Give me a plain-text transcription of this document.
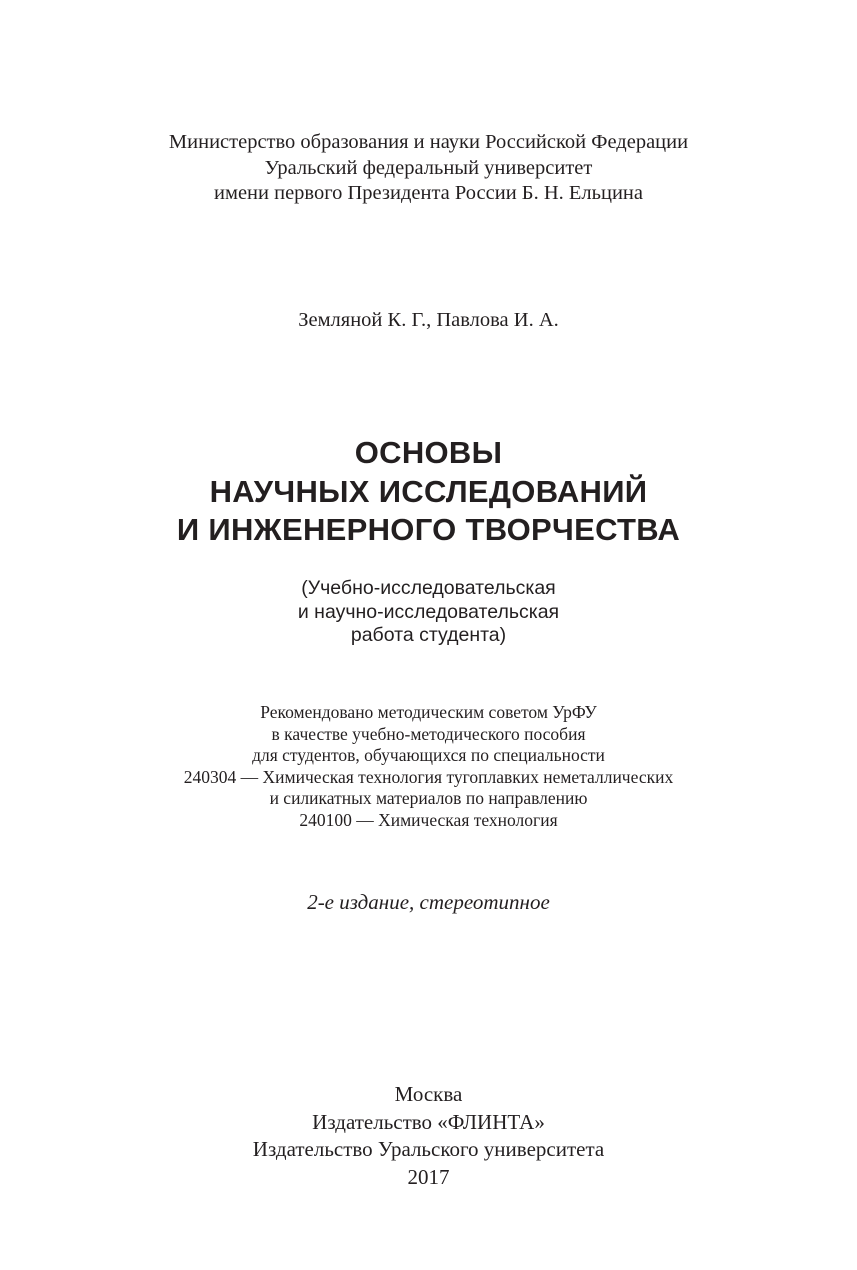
Министерство образования и науки Российской Федерации
Уральский федеральный университет
имени первого Президента России Б. Н. Ельцина
Земляной К. Г., Павлова И. А.
ОСНОВЫ
НАУЧНЫХ ИССЛЕДОВАНИЙ
И ИНЖЕНЕРНОГО ТВОРЧЕСТВА
(Учебно-исследовательская
и научно-исследовательская
работа студента)
Рекомендовано методическим советом УрФУ
в качестве учебно-методического пособия
для студентов, обучающихся по специальности
240304 — Химическая технология тугоплавких неметаллических
и силикатных материалов по направлению
240100 — Химическая технология
2-е издание, стереотипное
Москва
Издательство «ФЛИНТА»
Издательство Уральского университета
2017
